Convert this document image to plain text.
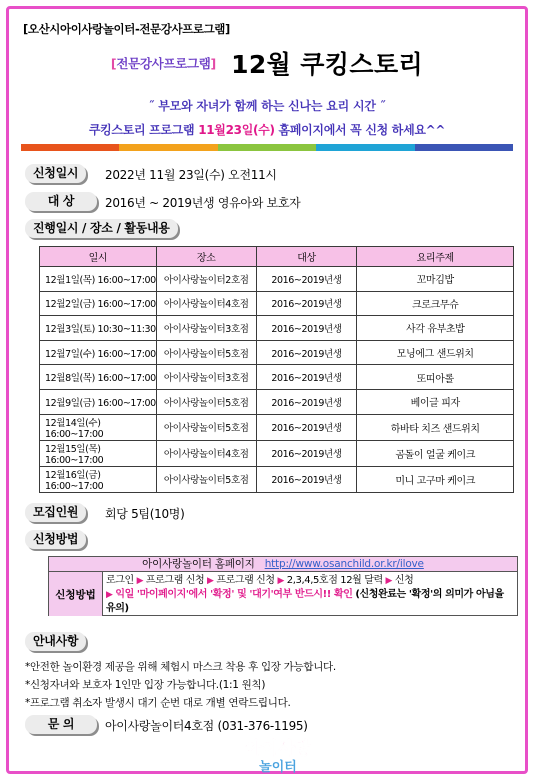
[오산시아이사랑놀이터-전문강사프로그램]
[전문강사프로그램] 12월 쿠킹스토리
˝ 부모와 자녀가 함께 하는 신나는 요리 시간 ˝
쿠킹스토리 프로그램 11월23일(수) 홈페이지에서 꼭 신청 하세요^^
신청일시	2022년 11월 23일(수) 오전11시
대 상	2016년 ~ 2019년생 영유아와 보호자
진행일시 / 장소 / 활동내용
일시	장소	대상	요리주제
12월1일(목) 16:00~17:00	아이사랑놀이터2호점	2016~2019년생	꼬마김밥
12월2일(금) 16:00~17:00	아이사랑놀이터4호점	2016~2019년생	크로크무슈
12월3일(토) 10:30~11:30	아이사랑놀이터3호점	2016~2019년생	사각 유부초밥
12월7일(수) 16:00~17:00	아이사랑놀이터5호점	2016~2019년생	모닝에그 샌드위치
12월8일(목) 16:00~17:00	아이사랑놀이터3호점	2016~2019년생	또띠아롤
12월9일(금) 16:00~17:00	아이사랑놀이터5호점	2016~2019년생	베이글 피자
12월14일(수) 16:00~17:00	아이사랑놀이터5호점	2016~2019년생	하바타 치즈 샌드위치
12월15일(목) 16:00~17:00	아이사랑놀이터4호점	2016~2019년생	곰돌이 얼굴 케이크
12월16일(금) 16:00~17:00	아이사랑놀이터5호점	2016~2019년생	미니 고구마 케이크
모집인원	회당 5팀(10명)
신청방법
아이사랑놀이터 홈페이지 http://www.osanchild.or.kr/ilove
신청방법
로그인 ▶ 프로그램 신청 ▶ 프로그램 신청 ▶ 2,3,4,5호점 12월 달력 ▶ 신청
▶ 익일 '마이페이지'에서 '확정' 및 '대기'여부 반드시!! 확인 (신청완료는 '확정'의 의미가 아님을 유의)
안내사항
*안전한 놀이환경 제공을 위해 체험시 마스크 착용 후 입장 가능합니다.
*신청자녀와 보호자 1인만 입장 가능합니다.(1:1 원칙)
*프로그램 취소자 발생시 대기 순번 대로 개별 연락드립니다.
문 의	아이사랑놀이터4호점 (031-376-1195)
아이사랑
놀이터
